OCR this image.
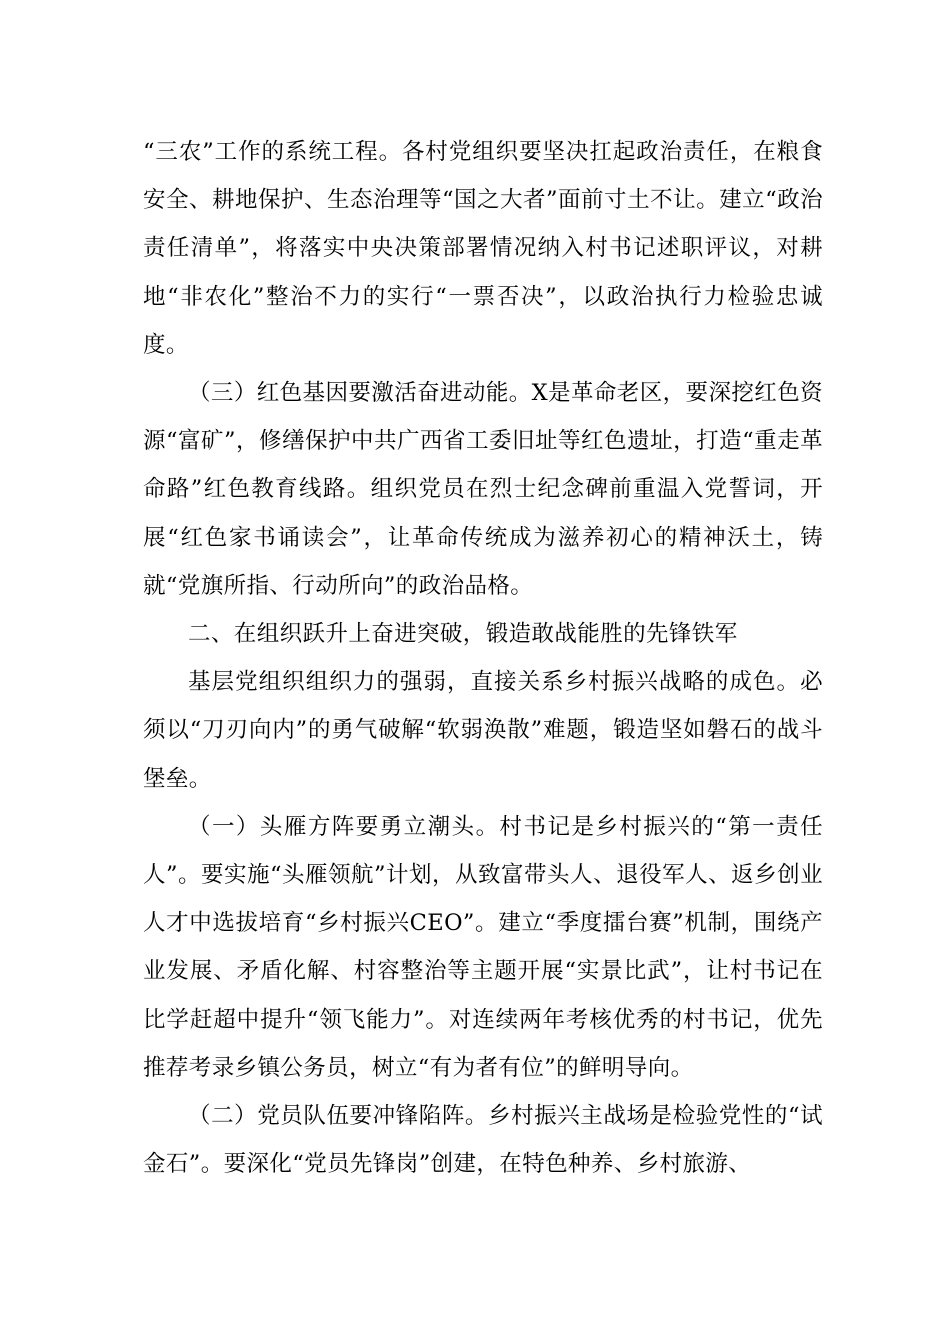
“三农”工作的系统工程。各村党组织要坚决扛起政治责任，在粮食安全、耕地保护、生态治理等“国之大者”面前寸土不让。建立“政治责任清单”，将落实中央决策部署情况纳入村书记述职评议，对耕地“非农化”整治不力的实行“一票否决”，以政治执行力检验忠诚度。

（三）红色基因要激活奋进动能。X是革命老区，要深挖红色资源“富矿”，修缮保护中共广西省工委旧址等红色遗址，打造“重走革命路”红色教育线路。组织党员在烈士纪念碑前重温入党誓词，开展“红色家书诵读会”，让革命传统成为滋养初心的精神沃土，铸就“党旗所指、行动所向”的政治品格。

二、在组织跃升上奋进突破，锻造敢战能胜的先锋铁军

基层党组织组织力的强弱，直接关系乡村振兴战略的成色。必须以“刀刃向内”的勇气破解“软弱涣散”难题，锻造坚如磐石的战斗堡垒。

（一）头雁方阵要勇立潮头。村书记是乡村振兴的“第一责任人”。要实施“头雁领航”计划，从致富带头人、退役军人、返乡创业人才中选拔培育“乡村振兴CEO”。建立“季度擂台赛”机制，围绕产业发展、矛盾化解、村容整治等主题开展“实景比武”，让村书记在比学赶超中提升“领飞能力”。对连续两年考核优秀的村书记，优先推荐考录乡镇公务员，树立“有为者有位”的鲜明导向。

（二）党员队伍要冲锋陷阵。乡村振兴主战场是检验党性的“试金石”。要深化“党员先锋岗”创建，在特色种养、乡村旅游、
